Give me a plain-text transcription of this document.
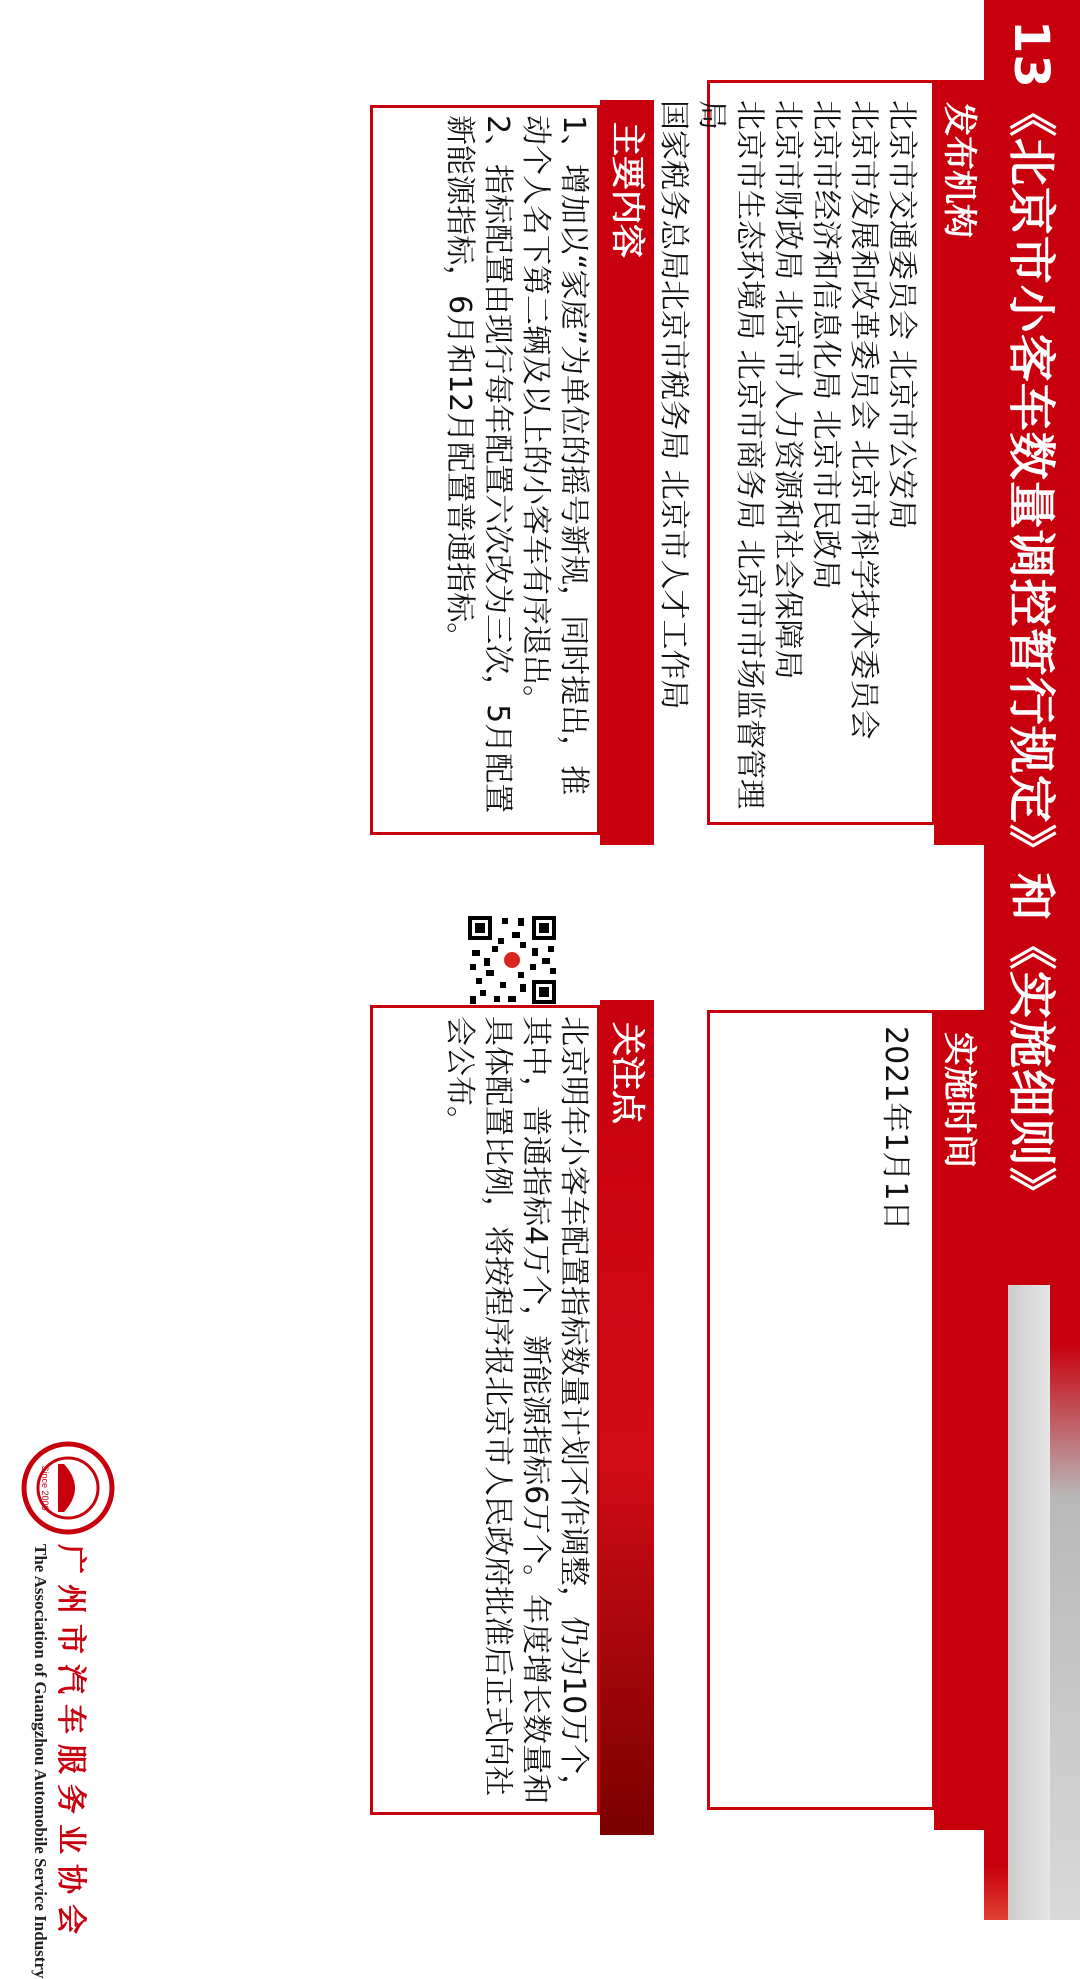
13《北京市小客车数量调控暂行规定》和《实施细则》
发布机构

北京市交通委员会 北京市公安局

北京市发展和改革委员会 北京市科学技术委员会

北京市经济和信息化局 北京市民政局

北京市财政局 北京市人力资源和社会保障局

北京市生态环境局 北京市商务局 北京市市场监督管理局

国家税务总局北京市税务局 北京市人才工作局

主要内容

1、增加以“家庭”为单位的摇号新规，同时提出，推动个人名下第二辆及以上的小客车有序退出。

2、指标配置由现行每年配置六次改为三次，5月配置新能源指标，6月和12月配置普通指标。

实施时间
2021年1月1日
关注点
北京明年小客车配置指标数量计划不作调整，仍为10万个，其中，普通指标4万个，新能源指标6万个。年度增长数量和具体配置比例，将按程序报北京市人民政府批准后正式向社会公布。
Since 2000
广州市汽车服务业协会
The Association of Guangzhou Automobile Service Industry
